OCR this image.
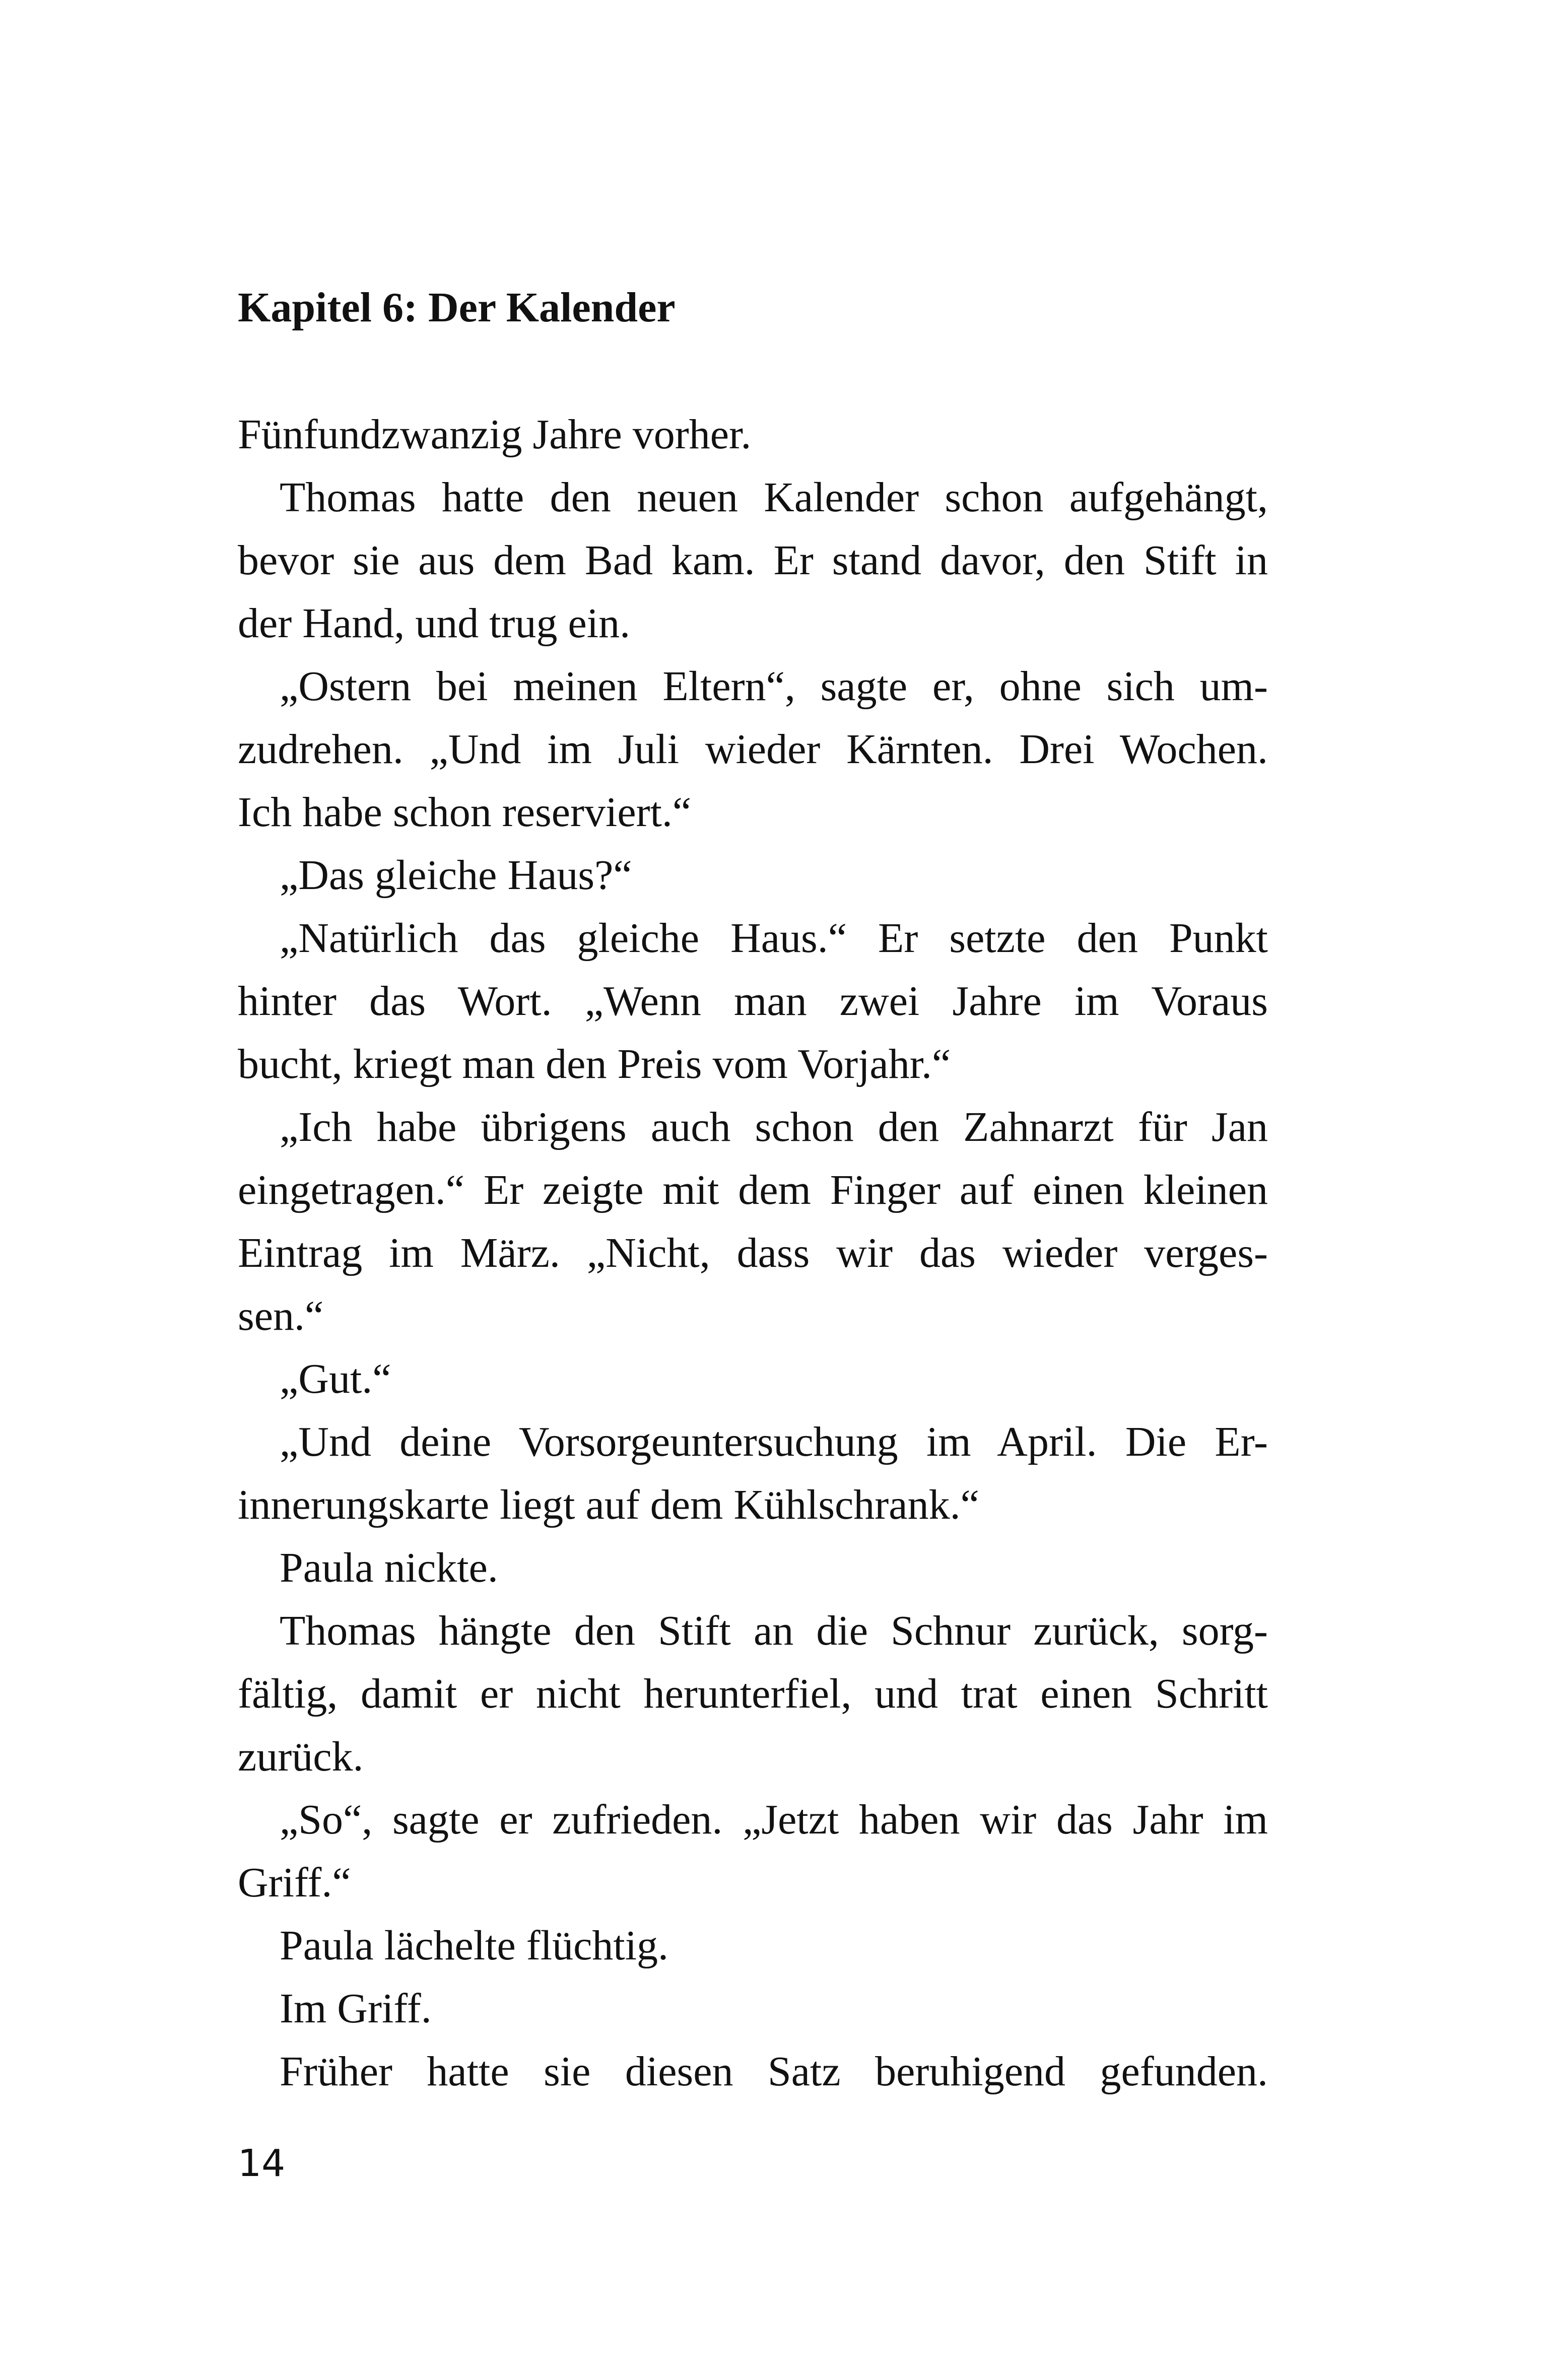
Kapitel 6: Der Kalender
Fünfundzwanzig Jahre vorher.
Thomas hatte den neuen Kalender schon aufgehängt,
bevor sie aus dem Bad kam. Er stand davor, den Stift in
der Hand, und trug ein.
„Ostern bei meinen Eltern“, sagte er, ohne sich um-
zudrehen. „Und im Juli wieder Kärnten. Drei Wochen.
Ich habe schon reserviert.“
„Das gleiche Haus?“
„Natürlich das gleiche Haus.“ Er setzte den Punkt
hinter das Wort. „Wenn man zwei Jahre im Voraus
bucht, kriegt man den Preis vom Vorjahr.“
„Ich habe übrigens auch schon den Zahnarzt für Jan
eingetragen.“ Er zeigte mit dem Finger auf einen kleinen
Eintrag im März. „Nicht, dass wir das wieder verges-
sen.“
„Gut.“
„Und deine Vorsorgeuntersuchung im April. Die Er-
innerungskarte liegt auf dem Kühlschrank.“
Paula nickte.
Thomas hängte den Stift an die Schnur zurück, sorg-
fältig, damit er nicht herunterfiel, und trat einen Schritt
zurück.
„So“, sagte er zufrieden. „Jetzt haben wir das Jahr im
Griff.“
Paula lächelte flüchtig.
Im Griff.
Früher hatte sie diesen Satz beruhigend gefunden.
14
